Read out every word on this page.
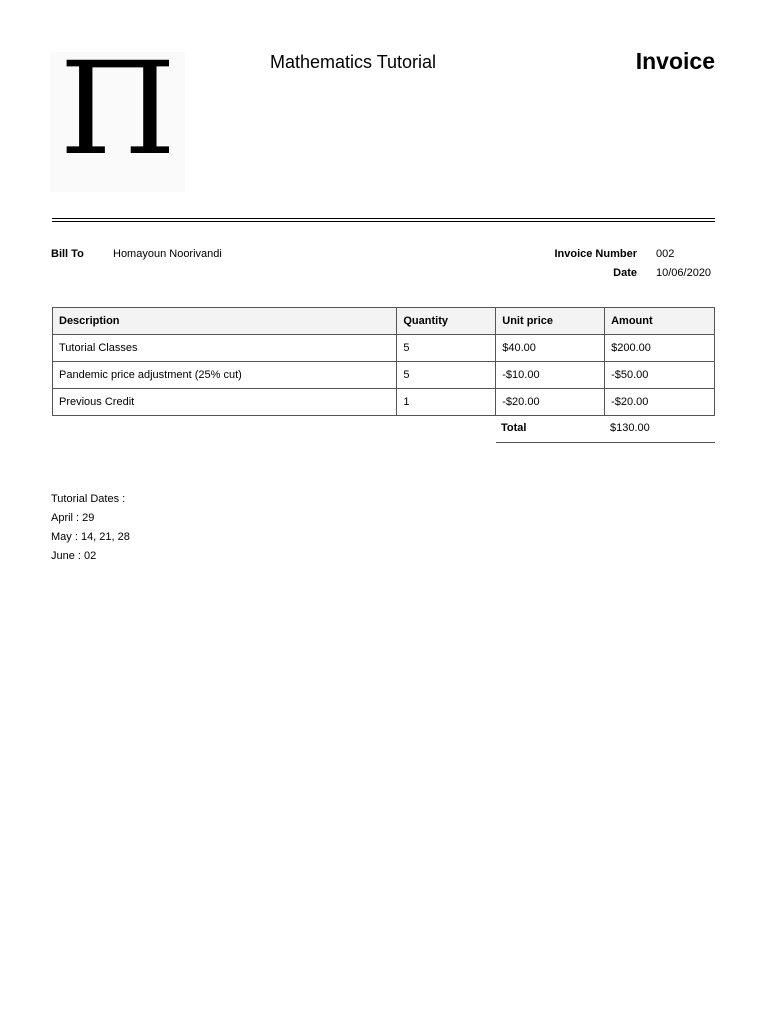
Π	Mathematics Tutorial	Invoice
Bill To	Homayoun Noorivandi	Invoice Number 002
Date 10/06/2020
Description	Quantity	Unit price	Amount
Tutorial Classes	5	$40.00	$200.00
Pandemic price adjustment (25% cut)	5	-$10.00	-$50.00
Previous Credit	1	-$20.00	-$20.00
Total	$130.00
Tutorial Dates :
April : 29
May : 14, 21, 28
June : 02
